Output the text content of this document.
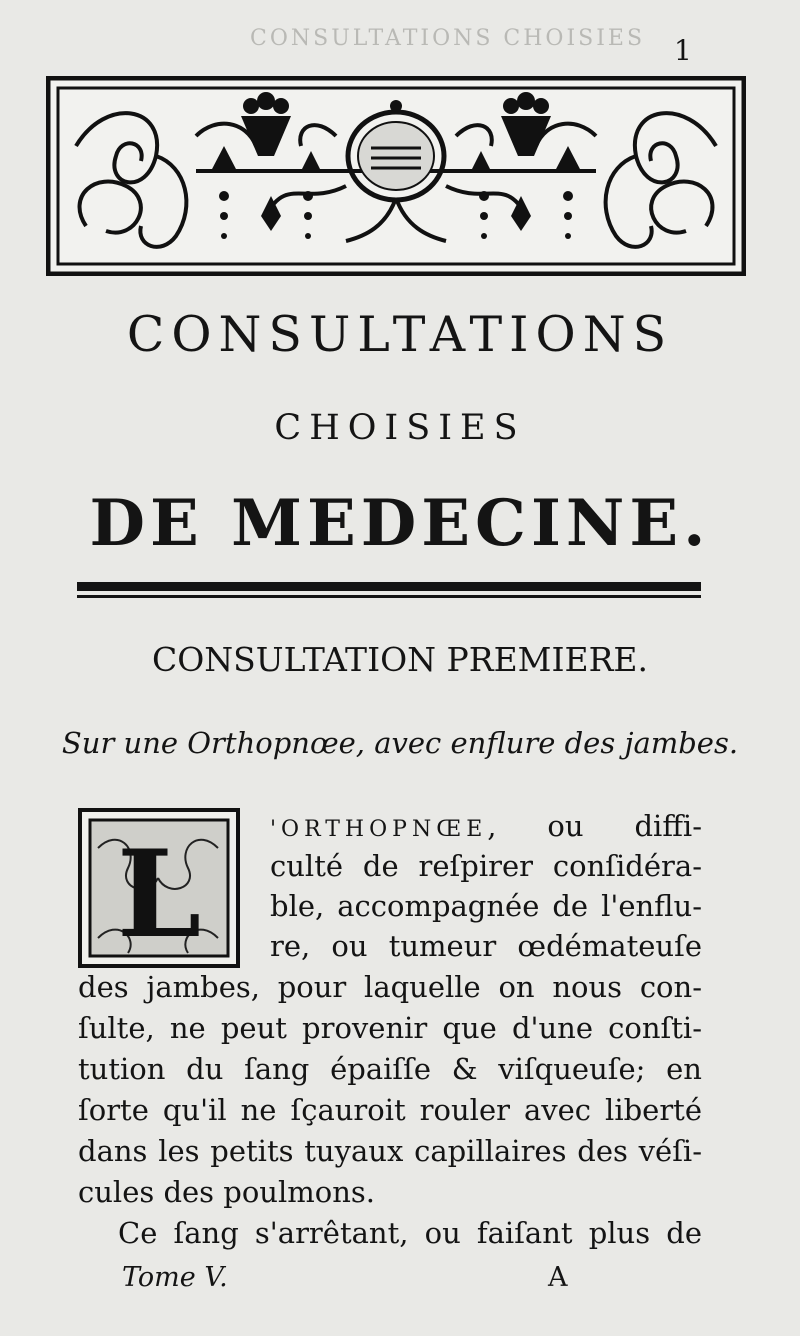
CONSULTATIONS CHOISIES 1
CONSULTATIONS
CHOISIES
DE MEDECINE.
CONSULTATION PREMIERE.
Sur une Orthopnœe, avec enflure des jambes.
L	'ORTHOPNŒE, ou diffi-
culté de reſpirer conſidéra-
ble, accompagnée de l'enflu-
re, ou tumeur œdémateuſe
des jambes, pour laquelle on nous con-
ſulte, ne peut provenir que d'une conſti-
tution du ſang épaiſſe & viſqueuſe; en
ſorte qu'il ne ſçauroit rouler avec liberté
dans les petits tuyaux capillaires des véſi-
cules des poulmons.
Ce ſang s'arrêtant, ou faiſant plus de
Tome V.	A
